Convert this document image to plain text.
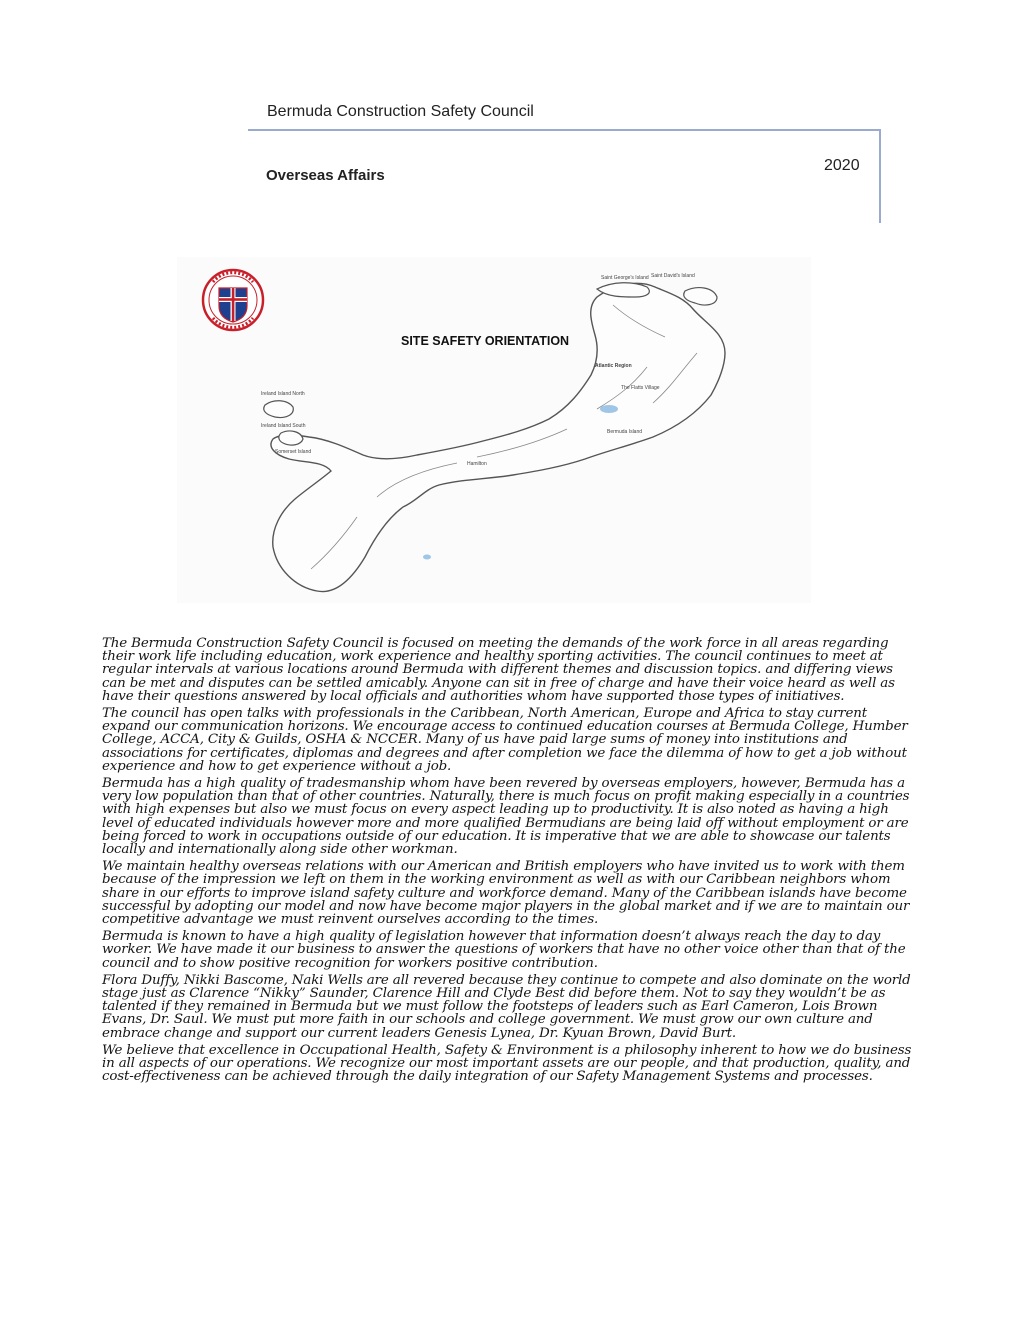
Bermuda Construction Safety Council
Overseas Affairs
2020
SITE SAFETY ORIENTATION
Saint George's Island Saint David's Island
Atlantic Region
Ireland Island North
Ireland Island South
Somerset Island
Hamilton
Bermuda Island
The Flatts Village

The Bermuda Construction Safety Council is focused on meeting the demands of the work force in all areas regarding their work life including education, work experience and healthy sporting activities. The council continues to meet at regular intervals at various locations around Bermuda with different themes and discussion topics. and differing views can be met and disputes can be settled amicably. Anyone can sit in free of charge and have their voice heard as well as have their questions answered by local officials and authorities whom have supported those types of initiatives.

The council has open talks with professionals in the Caribbean, North American, Europe and Africa to stay current expand our communication horizons. We encourage access to continued education courses at Bermuda College, Humber College, ACCA, City & Guilds, OSHA & NCCER. Many of us have paid large sums of money into institutions and associations for certificates, diplomas and degrees and after completion we face the dilemma of how to get a job without experience and how to get experience without a job.

Bermuda has a high quality of tradesmanship whom have been revered by overseas employers, however, Bermuda has a very low population than that of other countries. Naturally, there is much focus on profit making especially in a countries with high expenses but also we must focus on every aspect leading up to productivity. It is also noted as having a high level of educated individuals however more and more qualified Bermudians are being laid off without employment or are being forced to work in occupations outside of our education. It is imperative that we are able to showcase our talents locally and internationally along side other workman.

We maintain healthy overseas relations with our American and British employers who have invited us to work with them because of the impression we left on them in the working environment as well as with our Caribbean neighbors whom share in our efforts to improve island safety culture and workforce demand. Many of the Caribbean islands have become successful by adopting our model and now have become major players in the global market and if we are to maintain our competitive advantage we must reinvent ourselves according to the times.

Bermuda is known to have a high quality of legislation however that information doesn’t always reach the day to day worker. We have made it our business to answer the questions of workers that have no other voice other than that of the council and to show positive recognition for workers positive contribution.

Flora Duffy, Nikki Bascome, Naki Wells are all revered because they continue to compete and also dominate on the world stage just as Clarence “Nikky” Saunder, Clarence Hill and Clyde Best did before them. Not to say they wouldn’t be as talented if they remained in Bermuda but we must follow the footsteps of leaders such as Earl Cameron, Lois Brown Evans, Dr. Saul. We must put more faith in our schools and college government. We must grow our own culture and embrace change and support our current leaders Genesis Lynea, Dr. Kyuan Brown, David Burt.

We believe that excellence in Occupational Health, Safety & Environment is a philosophy inherent to how we do business in all aspects of our operations. We recognize our most important assets are our people, and that production, quality, and cost-effectiveness can be achieved through the daily integration of our Safety Management Systems and processes.
